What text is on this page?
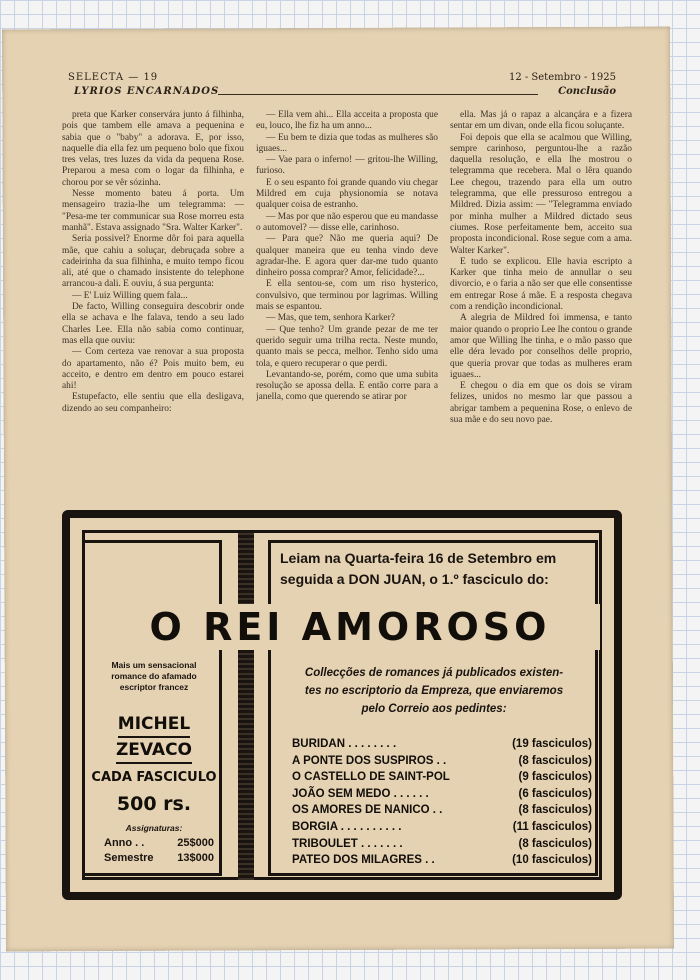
SELECTA — 19
LYRIOS ENCARNADOS
12 - Setembro - 1925
Conclusão

preta que Karker conservára junto á filhinha, pois que tambem elle amava a pequenina e sabia que o "baby" a adorava. E, por isso, naquelle dia ella fez um pequeno bolo que fixou tres velas, tres luzes da vida da pequena Rose. Preparou a mesa com o logar da filhinha, e chorou por se vêr sózinha.

Nesse momento bateu á porta. Um mensageiro trazia-lhe um telegramma: — "Pesa-me ter communicar sua Rose morreu esta manhã". Estava assignado "Sra. Walter Karker".

Seria possivel? Enorme dôr foi para aquella mãe, que cahiu a soluçar, debruçada sobre a cadeirinha da sua filhinha, e muito tempo ficou ali, até que o chamado insistente do telephone arrancou-a dali. E ouviu, á sua pergunta:

— E' Luiz Willing quem fala...

De facto, Willing conseguira descobrir onde ella se achava e lhe falava, tendo a seu lado Charles Lee. Ella não sabia como continuar, mas ella que ouviu:

— Com certeza vae renovar a sua proposta do apartamento, não é? Pois muito bem, eu acceito, e dentro em dentro em pouco estarei ahi!

Estupefacto, elle sentiu que ella desligava, dizendo ao seu companheiro:

— Ella vem ahi... Ella acceita a proposta que eu, louco, lhe fiz ha um anno...

— Eu bem te dizia que todas as mulheres são iguaes...

— Vae para o inferno! — gritou-lhe Willing, furioso.

E o seu espanto foi grande quando viu chegar Mildred em cuja physionomia se notava qualquer coisa de estranho.

— Mas por que não esperou que eu mandasse o automovel? — disse elle, carinhoso.

— Para que? Não me queria aqui? De qualquer maneira que eu tenha vindo deve agradar-lhe. E agora quer dar-me tudo quanto dinheiro possa comprar? Amor, felicidade?...

E ella sentou-se, com um riso hysterico, convulsivo, que terminou por lagrimas. Willing mais se espantou.

— Mas, que tem, senhora Karker?

— Que tenho? Um grande pezar de me ter querido seguir uma trilha recta. Neste mundo, quanto mais se pecca, melhor. Tenho sido uma tola, e quero recuperar o que perdi.

Levantando-se, porém, como que uma subita resolução se apossa della. E então corre para a janella, como que querendo se atirar por

ella. Mas já o rapaz a alcançára e a fizera sentar em um divan, onde ella ficou soluçante.

Foi depois que ella se acalmou que Willing, sempre carinhoso, perguntou-lhe a razão daquella resolução, e ella lhe mostrou o telegramma que recebera. Mal o lêra quando Lee chegou, trazendo para ella um outro telegramma, que elle pressuroso entregou a Mildred. Dizia assim: — "Telegramma enviado por minha mulher a Mildred dictado seus ciumes. Rose perfeitamente bem, acceito sua proposta incondicional. Rose segue com a ama. Walter Karker".

E tudo se explicou. Elle havia escripto a Karker que tinha meio de annullar o seu divorcio, e o faria a não ser que elle consentisse em entregar Rose á mãe. E a resposta chegava com a rendição incondicional.

A alegria de Mildred foi immensa, e tanto maior quando o proprio Lee lhe contou o grande amor que Willing lhe tinha, e o mão passo que elle déra levado por conselhos delle proprio, que queria provar que todas as mulheres eram iguaes...

E chegou o dia em que os dois se viram felizes, unidos no mesmo lar que passou a abrigar tambem a pequenina Rose, o enlevo de sua mãe e do seu novo pae.

Leiam na Quarta-feira 16 de Setembro em
seguida a DON JUAN, o 1.º fasciculo do:
O REI AMOROSO
Mais um sensacional romance do afamado escriptor francez
MICHEL
ZEVACO
CADA FASCICULO
500 rs.
Assignaturas:
Anno . .	25$000
Semestre 13$000
Collecções de romances já publicados existen-
tes no escriptorio da Empreza, que enviaremos
pelo Correio aos pedintes:
BURIDAN . . . . . . . .	(19 fasciculos)
A PONTE DOS SUSPIROS . .	(8 fasciculos)
O CASTELLO DE SAINT-POL	(9 fasciculos)
JOÃO SEM MEDO . . . . . .	(6 fasciculos)
OS AMORES DE NANICO . .	(8 fasciculos)
BORGIA . . . . . . . . . .	(11 fasciculos)
TRIBOULET . . . . . . .	(8 fasciculos)
PATEO DOS MILAGRES . .	(10 fasciculos)
